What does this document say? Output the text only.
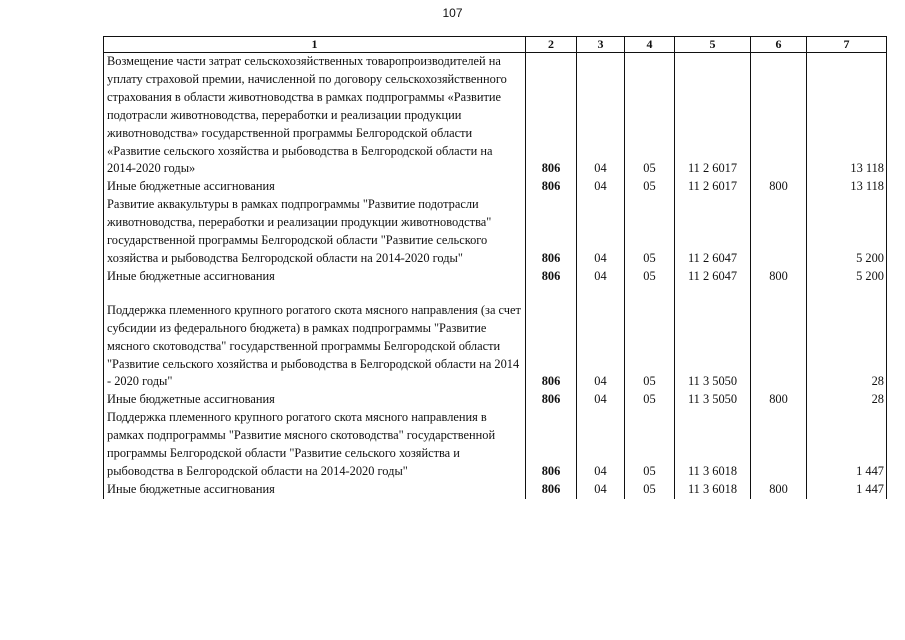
107
1	2	3	4	5	6	7
Возмещение части затрат сельскохозяйственных товаропроизводителей на уплату страховой премии, начисленной по договору сельскохозяйственного страхования в области животноводства в рамках подпрограммы «Развитие подотрасли животноводства, переработки и реализации продукции животноводства» государственной программы Белгородской области «Развитие сельского хозяйства и рыбоводства в Белгородской области на 2014-2020 годы»	806	04	05	11 2 6017		13 118
Иные бюджетные ассигнования	806	04	05	11 2 6017	800	13 118
Развитие аквакультуры в рамках подпрограммы "Развитие подотрасли животноводства, переработки и реализации продукции животноводства" государственной программы Белгородской области "Развитие сельского хозяйства и рыбоводства Белгородской области на 2014-2020 годы"	806	04	05	11 2 6047		5 200
Иные бюджетные ассигнования	806	04	05	11 2 6047	800	5 200

Поддержка племенного крупного рогатого скота мясного направления (за счет субсидии из федерального бюджета) в рамках подпрограммы "Развитие мясного скотоводства" государственной программы Белгородской области "Развитие сельского хозяйства и рыбоводства в Белгородской области на 2014 - 2020 годы"	806	04	05	11 3 5050		28
Иные бюджетные ассигнования	806	04	05	11 3 5050	800	28
Поддержка племенного крупного рогатого скота мясного направления в рамках подпрограммы "Развитие мясного скотоводства" государственной программы Белгородской области "Развитие сельского хозяйства и рыбоводства в Белгородской области на 2014-2020 годы"	806	04	05	11 3 6018		1 447
Иные бюджетные ассигнования	806	04	05	11 3 6018	800	1 447
